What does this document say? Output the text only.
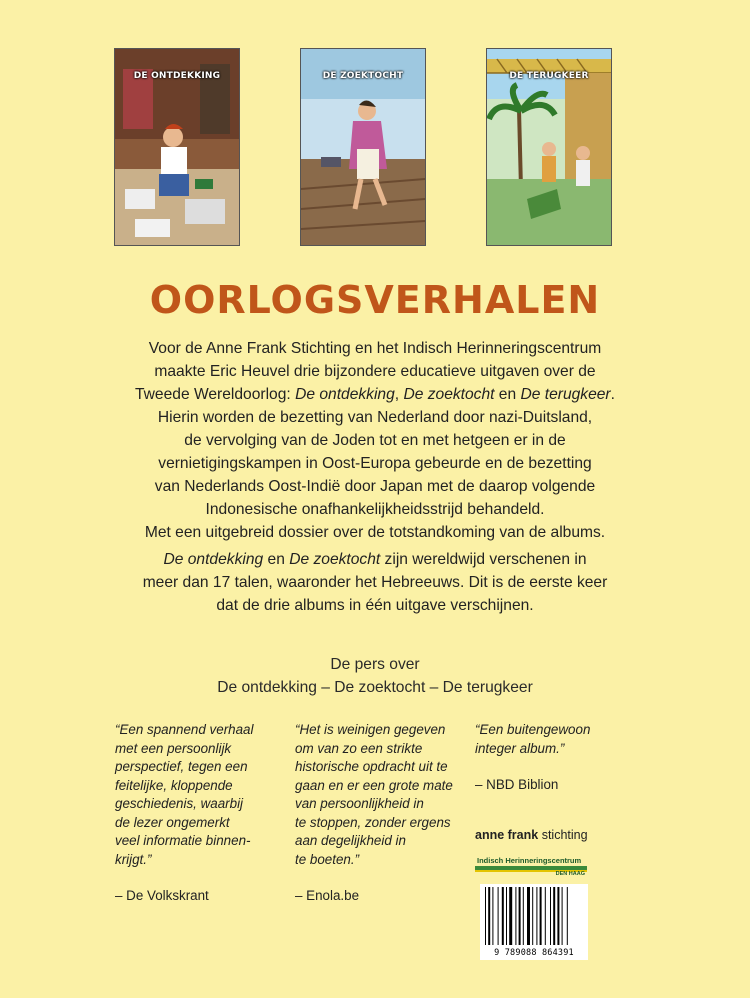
DE ONTDEKKING	DE ZOEKTOCHT	DE TERUGKEER
OORLOGSVERHALEN
Voor de Anne Frank Stichting en het Indisch Herinneringscentrum
maakte Eric Heuvel drie bijzondere educatieve uitgaven over de
Tweede Wereldoorlog: De ontdekking, De zoektocht en De terugkeer.
Hierin worden de bezetting van Nederland door nazi-Duitsland,
de vervolging van de Joden tot en met hetgeen er in de
vernietigingskampen in Oost-Europa gebeurde en de bezetting
van Nederlands Oost-Indië door Japan met de daarop volgende
Indonesische onafhankelijkheidsstrijd behandeld.
Met een uitgebreid dossier over de totstandkoming van de albums.
De ontdekking en De zoektocht zijn wereldwijd verschenen in
meer dan 17 talen, waaronder het Hebreeuws. Dit is de eerste keer
dat de drie albums in één uitgave verschijnen.
De pers over
De ontdekking – De zoektocht – De terugkeer
“Een spannend verhaal
met een persoonlijk
perspectief, tegen een
feitelijke, kloppende
geschiedenis, waarbij
de lezer ongemerkt
veel informatie binnen-
krijgt.”
– De Volkskrant
“Het is weinigen gegeven
om van zo een strikte
historische opdracht uit te
gaan en er een grote mate
van persoonlijkheid in
te stoppen, zonder ergens
aan degelijkheid in
te boeten.”
– Enola.be
“Een buitengewoon
integer album.”
– NBD Biblion
anne frank stichting
Indisch Herinneringscentrum
DEN HAAG
9 789088 864391
